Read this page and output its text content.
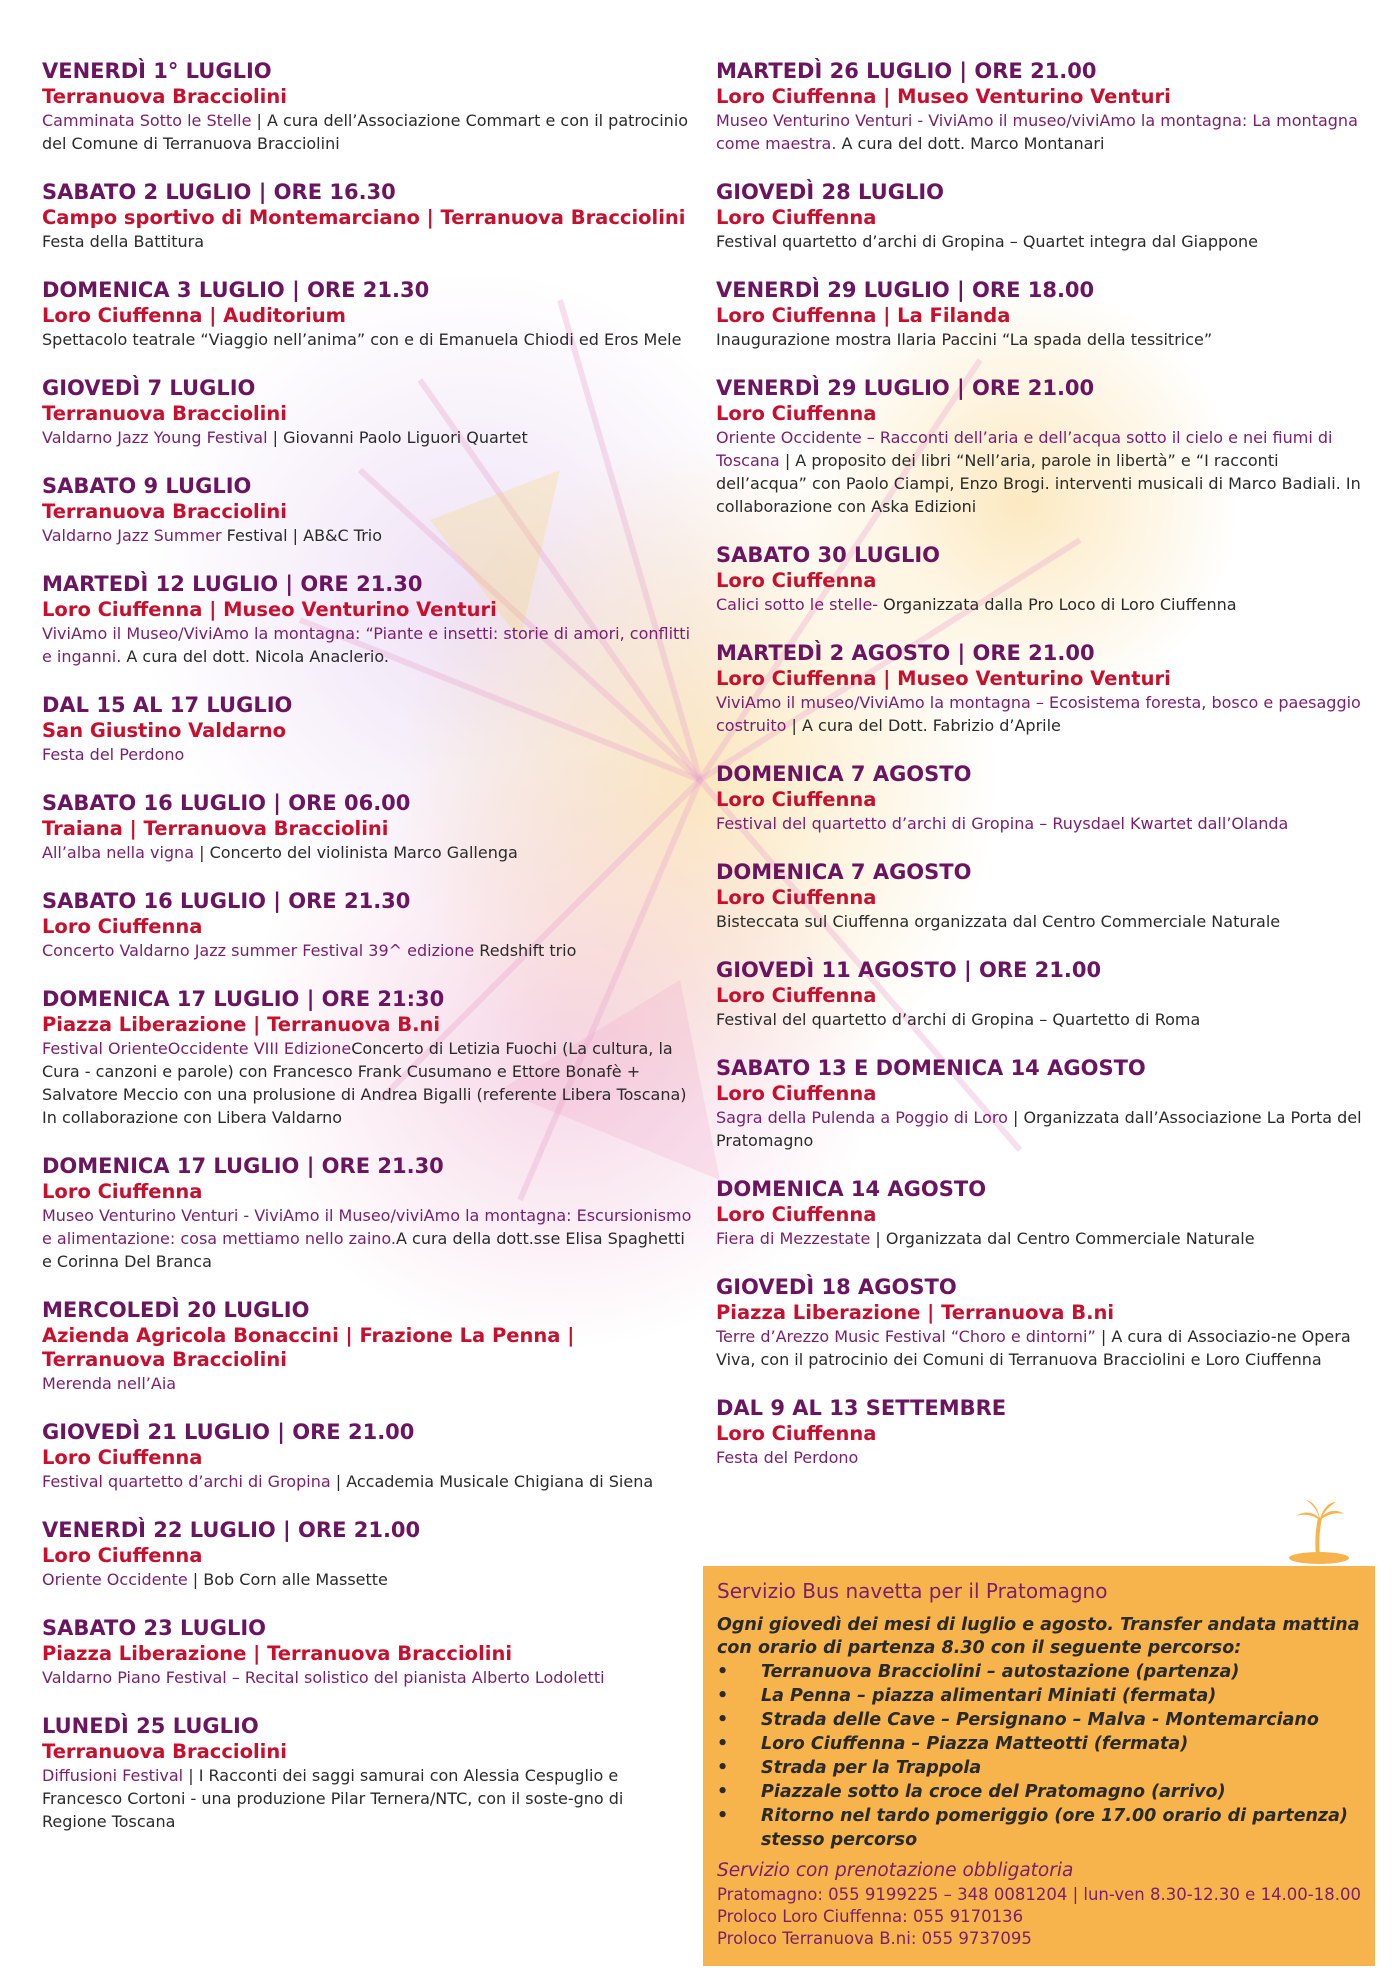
VENERDÌ 1° LUGLIO
Terranuova Bracciolini
Camminata Sotto le Stelle | A cura dell’Associazione Commart e con il patrocinio del Comune di Terranuova Bracciolini
SABATO 2 LUGLIO | ORE 16.30
Campo sportivo di Montemarciano | Terranuova Bracciolini
Festa della Battitura
DOMENICA 3 LUGLIO | ORE 21.30
Loro Ciuffenna | Auditorium
Spettacolo teatrale “Viaggio nell’anima” con e di Emanuela Chiodi ed Eros Mele
GIOVEDÌ 7 LUGLIO
Terranuova Bracciolini
Valdarno Jazz Young Festival | Giovanni Paolo Liguori Quartet
SABATO 9 LUGLIO
Terranuova Bracciolini
Valdarno Jazz Summer Festival | AB&C Trio
MARTEDÌ 12 LUGLIO | ORE 21.30
Loro Ciuffenna | Museo Venturino Venturi
ViviAmo il Museo/ViviAmo la montagna: “Piante e insetti: storie di amori, conflitti e inganni. A cura del dott. Nicola Anaclerio.
DAL 15 AL 17 LUGLIO
San Giustino Valdarno
Festa del Perdono
SABATO 16 LUGLIO | ORE 06.00
Traiana | Terranuova Bracciolini
All’alba nella vigna | Concerto del violinista Marco Gallenga
SABATO 16 LUGLIO | ORE 21.30
Loro Ciuffenna
Concerto Valdarno Jazz summer Festival 39^ edizione Redshift trio
DOMENICA 17 LUGLIO | ORE 21:30
Piazza Liberazione | Terranuova B.ni
Festival OrienteOccidente VIII EdizioneConcerto di Letizia Fuochi (La cultura, la Cura - canzoni e parole) con Francesco Frank Cusumano e Ettore Bonafè + Salvatore Meccio con una prolusione di Andrea Bigalli (referente Libera Toscana) In collaborazione con Libera Valdarno
DOMENICA 17 LUGLIO | ORE 21.30
Loro Ciuffenna
Museo Venturino Venturi - ViviAmo il Museo/viviAmo la montagna: Escursionismo e alimentazione: cosa mettiamo nello zaino.A cura della dott.sse Elisa Spaghetti e Corinna Del Branca
MERCOLEDÌ 20 LUGLIO
Azienda Agricola Bonaccini | Frazione La Penna | Terranuova Bracciolini
Merenda nell’Aia
GIOVEDÌ 21 LUGLIO | ORE 21.00
Loro Ciuffenna
Festival quartetto d’archi di Gropina | Accademia Musicale Chigiana di Siena
VENERDÌ 22 LUGLIO | ORE 21.00
Loro Ciuffenna
Oriente Occidente | Bob Corn alle Massette
SABATO 23 LUGLIO
Piazza Liberazione | Terranuova Bracciolini
Valdarno Piano Festival – Recital solistico del pianista Alberto Lodoletti
LUNEDÌ 25 LUGLIO
Terranuova Bracciolini
Diffusioni Festival | I Racconti dei saggi samurai con Alessia Cespuglio e Francesco Cortoni - una produzione Pilar Ternera/NTC, con il soste-gno di Regione Toscana
MARTEDÌ 26 LUGLIO | ORE 21.00
Loro Ciuffenna | Museo Venturino Venturi
Museo Venturino Venturi - ViviAmo il museo/viviAmo la montagna: La montagna come maestra. A cura del dott. Marco Montanari
GIOVEDÌ 28 LUGLIO
Loro Ciuffenna
Festival quartetto d’archi di Gropina – Quartet integra dal Giappone
VENERDÌ 29 LUGLIO | ORE 18.00
Loro Ciuffenna | La Filanda
Inaugurazione mostra Ilaria Paccini “La spada della tessitrice”
VENERDÌ 29 LUGLIO | ORE 21.00
Loro Ciuffenna
Oriente Occidente – Racconti dell’aria e dell’acqua sotto il cielo e nei fiumi di Toscana | A proposito dei libri “Nell’aria, parole in libertà” e “I racconti dell’acqua” con Paolo Ciampi, Enzo Brogi. interventi musicali di Marco Badiali. In collaborazione con Aska Edizioni
SABATO 30 LUGLIO
Loro Ciuffenna
Calici sotto le stelle- Organizzata dalla Pro Loco di Loro Ciuffenna
MARTEDÌ 2 AGOSTO | ORE 21.00
Loro Ciuffenna | Museo Venturino Venturi
ViviAmo il museo/ViviAmo la montagna – Ecosistema foresta, bosco e paesaggio costruito | A cura del Dott. Fabrizio d’Aprile
DOMENICA 7 AGOSTO
Loro Ciuffenna
Festival del quartetto d’archi di Gropina – Ruysdael Kwartet dall’Olanda
DOMENICA 7 AGOSTO
Loro Ciuffenna
Bisteccata sul Ciuffenna organizzata dal Centro Commerciale Naturale
GIOVEDÌ 11 AGOSTO | ORE 21.00
Loro Ciuffenna
Festival del quartetto d’archi di Gropina – Quartetto di Roma
SABATO 13 E DOMENICA 14 AGOSTO
Loro Ciuffenna
Sagra della Pulenda a Poggio di Loro | Organizzata dall’Associazione La Porta del Pratomagno
DOMENICA 14 AGOSTO
Loro Ciuffenna
Fiera di Mezzestate | Organizzata dal Centro Commerciale Naturale
GIOVEDÌ 18 AGOSTO
Piazza Liberazione | Terranuova B.ni
Terre d’Arezzo Music Festival “Choro e dintorni” | A cura di Associazio-ne Opera Viva, con il patrocinio dei Comuni di Terranuova Bracciolini e Loro Ciuffenna
DAL 9 AL 13 SETTEMBRE
Loro Ciuffenna
Festa del Perdono
Servizio Bus navetta per il Pratomagno
Ogni giovedì dei mesi di luglio e agosto. Transfer andata mattina con orario di partenza 8.30 con il seguente percorso:
• Terranuova Bracciolini – autostazione (partenza)
• La Penna – piazza alimentari Miniati (fermata)
• Strada delle Cave – Persignano – Malva - Montemarciano
• Loro Ciuffenna – Piazza Matteotti (fermata)
• Strada per la Trappola
• Piazzale sotto la croce del Pratomagno (arrivo)
• Ritorno nel tardo pomeriggio (ore 17.00 orario di partenza) stesso percorso
Servizio con prenotazione obbligatoria
Pratomagno: 055 9199225 – 348 0081204 | lun-ven 8.30-12.30 e 14.00-18.00
Proloco Loro Ciuffenna: 055 9170136
Proloco Terranuova B.ni: 055 9737095
